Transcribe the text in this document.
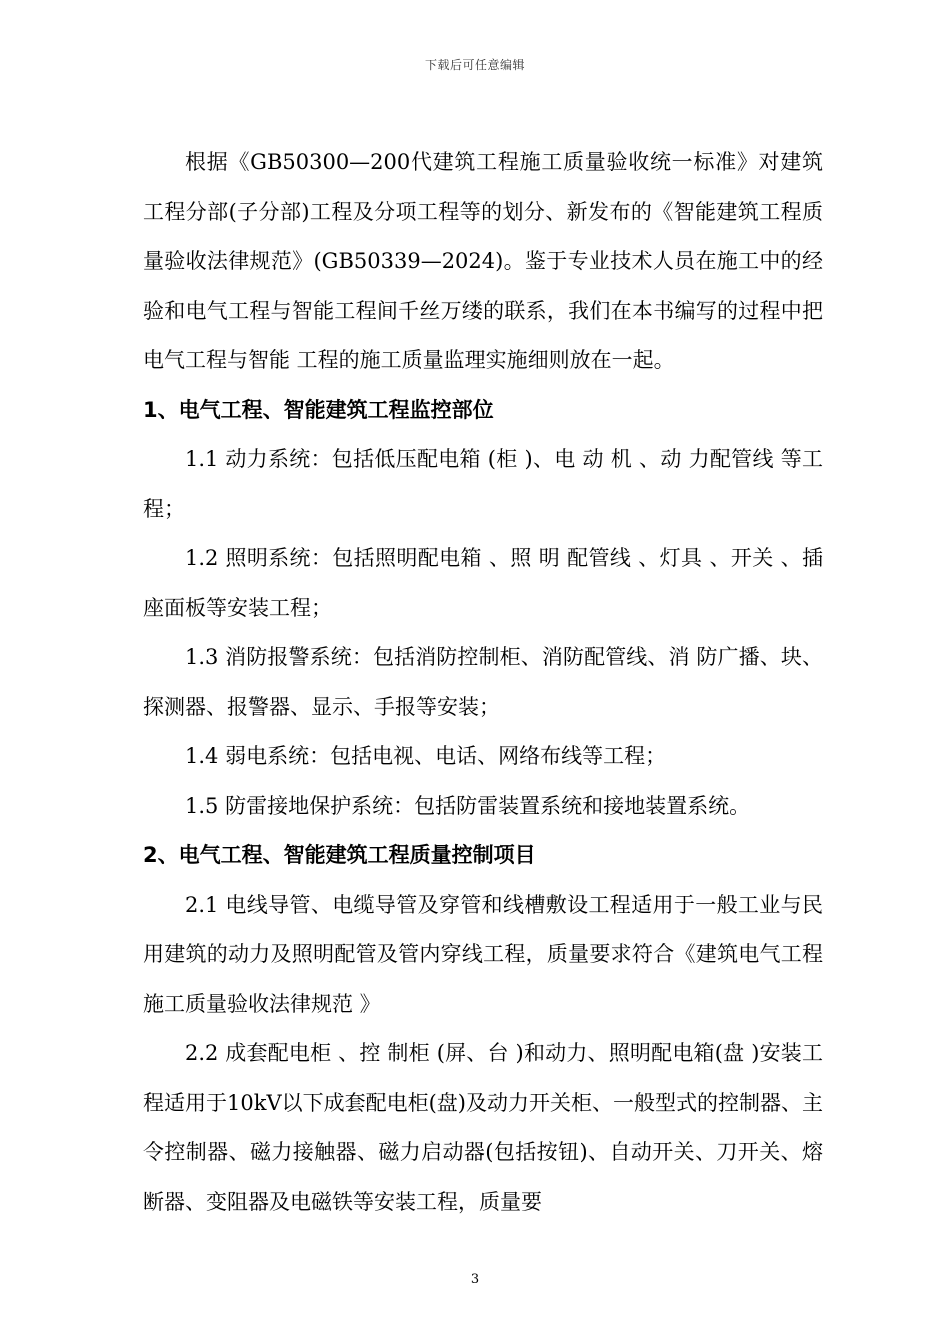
下载后可任意编辑

根据《GB50300—200代建筑工程施工质量验收统一标准》对建筑工程分部(子分部)工程及分项工程等的划分、新发布的《智能建筑工程质量验收法律规范》(GB50339—2024)。鉴于专业技术人员在施工中的经验和电气工程与智能工程间千丝万缕的联系，我们在本书编写的过程中把电气工程与智能 工程的施工质量监理实施细则放在一起。

1、电气工程、智能建筑工程监控部位

1.1 动力系统：包括低压配电箱 (柜 )、电 动 机 、动 力配管线 等工程；

1.2 照明系统：包括照明配电箱 、照 明 配管线 、灯具 、开关 、插座面板等安装工程；

1.3 消防报警系统：包括消防控制柜、消防配管线、消 防广播、块、探测器、报警器、显示、手报等安装；

1.4 弱电系统：包括电视、电话、网络布线等工程；

1.5 防雷接地保护系统：包括防雷装置系统和接地装置系统。

2、电气工程、智能建筑工程质量控制项目

2.1 电线导管、电缆导管及穿管和线槽敷设工程适用于一般工业与民用建筑的动力及照明配管及管内穿线工程，质量要求符合《建筑电气工程施工质量验收法律规范 》

2.2 成套配电柜 、控 制柜 (屏、台 )和动力、照明配电箱(盘 )安装工程适用于10kV以下成套配电柜(盘)及动力开关柜、一般型式的控制器、主令控制器、磁力接触器、磁力启动器(包括按钮)、自动开关、刀开关、熔断器、变阻器及电磁铁等安装工程，质量要

3
